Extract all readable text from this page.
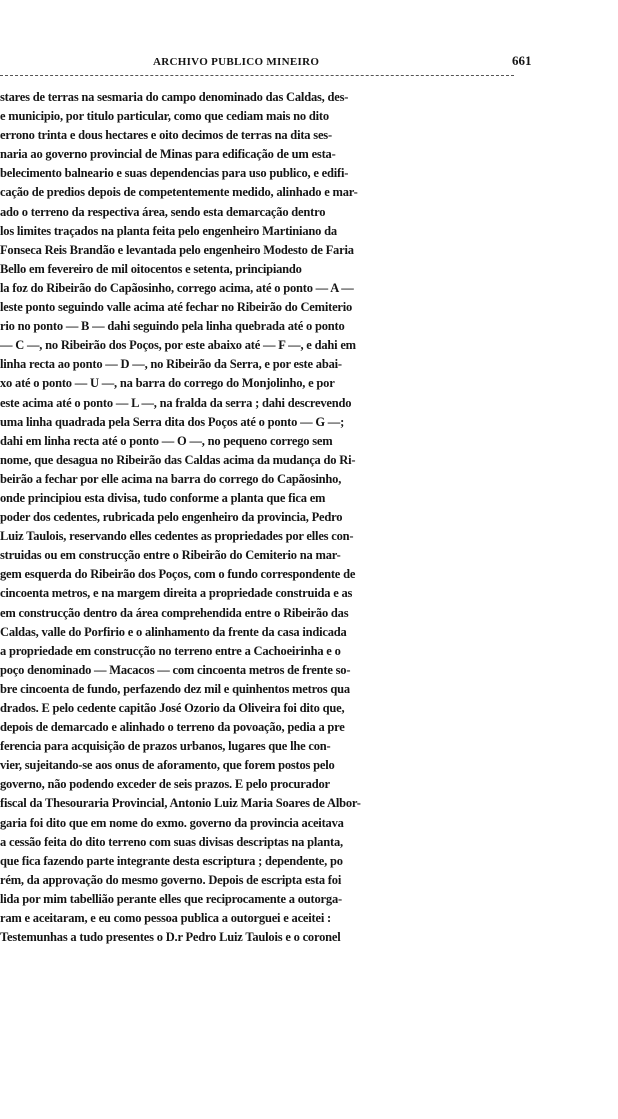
ARCHIVO PUBLICO MINEIRO	661
stares de terras na sesmaria do campo denominado das Caldas, des-
e municipio, por titulo particular, como que cediam mais no dito
errono trinta e dous hectares e oito decimos de terras na dita ses-
naria ao governo provincial de Minas para edificação de um esta-
belecimento balneario e suas dependencias para uso publico, e edifi-
cação de predios depois de competentemente medido, alinhado e mar-
ado o terreno da respectiva área, sendo esta demarcação dentro
los limites traçados na planta feita pelo engenheiro Martiniano da
Fonseca Reis Brandão e levantada pelo engenheiro Modesto de Faria
Bello em fevereiro de mil oitocentos e setenta, principiando
la foz do Ribeirão do Capãosinho, corrego acima, até o ponto — A —
leste ponto seguindo valle acima até fechar no Ribeirão do Cemiterio
rio no ponto — B — dahi seguindo pela linha quebrada até o ponto
— C —, no Ribeirão dos Poços, por este abaixo até — F —, e dahi em
linha recta ao ponto — D —, no Ribeirão da Serra, e por este abai-
xo até o ponto — U —, na barra do corrego do Monjolinho, e por
este acima até o ponto — L —, na fralda da serra ; dahi descrevendo
uma linha quadrada pela Serra dita dos Poços até o ponto — G —;
dahi em linha recta até o ponto — O —, no pequeno corrego sem
nome, que desagua no Ribeirão das Caldas acima da mudança do Ri-
beirão a fechar por elle acima na barra do corrego do Capãosinho,
onde principiou esta divisa, tudo conforme a planta que fica em
poder dos cedentes, rubricada pelo engenheiro da provincia, Pedro
Luiz Taulois, reservando elles cedentes as propriedades por elles con-
struidas ou em construcção entre o Ribeirão do Cemiterio na mar-
gem esquerda do Ribeirão dos Poços, com o fundo correspondente de
cincoenta metros, e na margem direita a propriedade construida e as
em construcção dentro da área comprehendida entre o Ribeirão das
Caldas, valle do Porfirio e o alinhamento da frente da casa indicada
a propriedade em construcção no terreno entre a Cachoeirinha e o
poço denominado — Macacos — com cincoenta metros de frente so-
bre cincoenta de fundo, perfazendo dez mil e quinhentos metros qua
drados. E pelo cedente capitão José Ozorio da Oliveira foi dito que,
depois de demarcado e alinhado o terreno da povoação, pedia a pre
ferencia para acquisição de prazos urbanos, lugares que lhe con-
vier, sujeitando-se aos onus de aforamento, que forem postos pelo
governo, não podendo exceder de seis prazos. E pelo procurador
fiscal da Thesouraria Provincial, Antonio Luiz Maria Soares de Albor-
garia foi dito que em nome do exmo. governo da provincia aceitava
a cessão feita do dito terreno com suas divisas descriptas na planta,
que fica fazendo parte integrante desta escriptura ; dependente, po
rém, da approvação do mesmo governo. Depois de escripta esta foi
lida por mim tabellião perante elles que reciprocamente a outorga-
ram e aceitaram, e eu como pessoa publica a outorguei e aceitei :
Testemunhas a tudo presentes o D.r Pedro Luiz Taulois e o coronel
